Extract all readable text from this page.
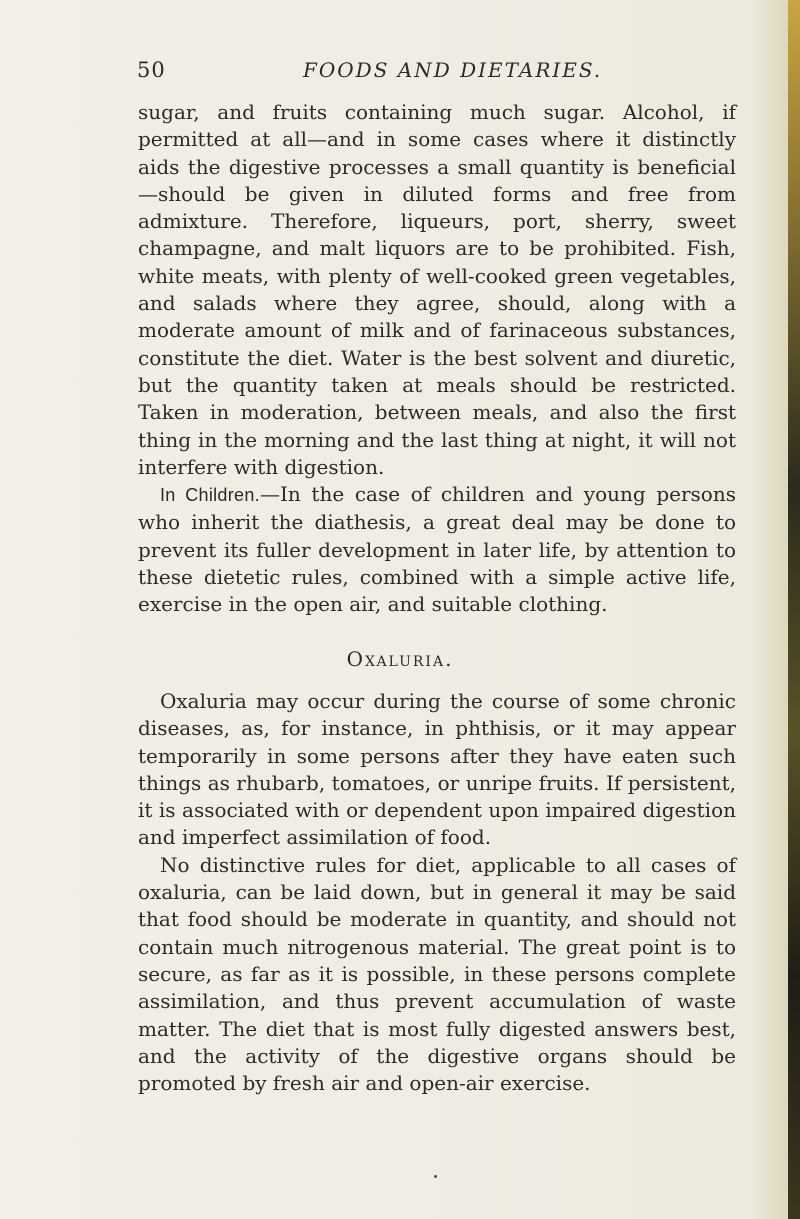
50	FOODS AND DIETARIES.

sugar, and fruits containing much sugar. Alcohol, if permitted at all—and in some cases where it distinctly aids the digestive processes a small quantity is beneficial—should be given in diluted forms and free from admixture. Therefore, liqueurs, port, sherry, sweet champagne, and malt liquors are to be prohibited. Fish, white meats, with plenty of well-cooked green vegetables, and salads where they agree, should, along with a moderate amount of milk and of farinaceous substances, constitute the diet. Water is the best solvent and diuretic, but the quantity taken at meals should be restricted. Taken in moderation, between meals, and also the first thing in the morning and the last thing at night, it will not interfere with digestion.

In Children.—In the case of children and young persons who inherit the diathesis, a great deal may be done to prevent its fuller development in later life, by attention to these dietetic rules, combined with a simple active life, exercise in the open air, and suitable clothing.

Oxaluria.

Oxaluria may occur during the course of some chronic diseases, as, for instance, in phthisis, or it may appear temporarily in some persons after they have eaten such things as rhubarb, tomatoes, or unripe fruits. If persistent, it is associated with or dependent upon impaired digestion and imperfect assimilation of food.

No distinctive rules for diet, applicable to all cases of oxaluria, can be laid down, but in general it may be said that food should be moderate in quantity, and should not contain much nitrogenous material. The great point is to secure, as far as it is possible, in these persons complete assimilation, and thus prevent accumulation of waste matter. The diet that is most fully digested answers best, and the activity of the digestive organs should be promoted by fresh air and open-air exercise.
